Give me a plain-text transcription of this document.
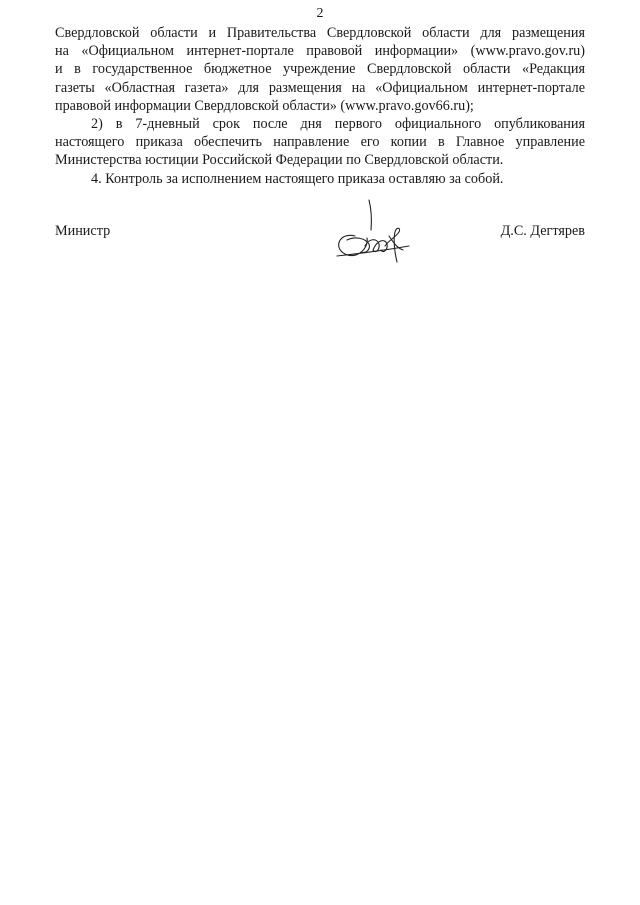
2

Свердловской области и Правительства Свердловской области для размещения
на «Официальном интернет-портале правовой информации» (www.pravo.gov.ru)
и в государственное бюджетное учреждение Свердловской области «Редакция
газеты «Областная газета» для размещения на «Официальном интернет-портале
правовой информации Свердловской области» (www.pravo.gov66.ru);

2) в 7-дневный срок после дня первого официального опубликования
настоящего приказа обеспечить направление его копии в Главное управление
Министерства юстиции Российской Федерации по Свердловской области.

4. Контроль за исполнением настоящего приказа оставляю за собой.

Министр	Д.С. Дегтярев
